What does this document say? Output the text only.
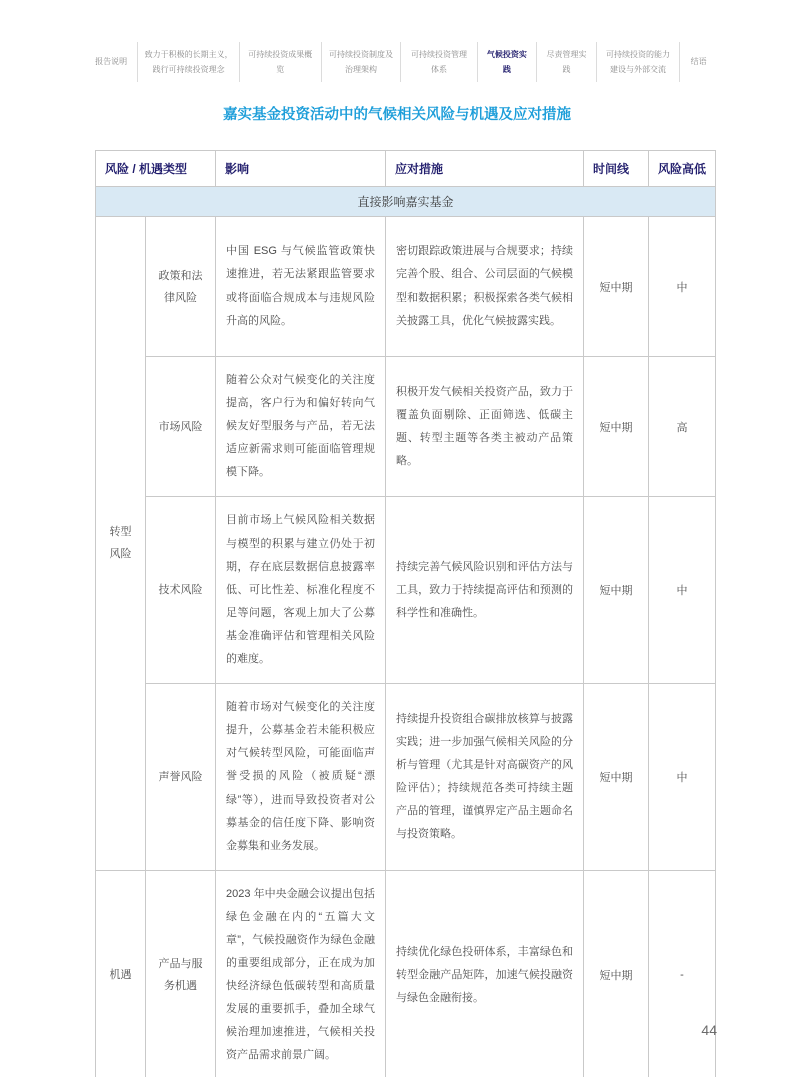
报告说明
致力于积极的长期主义，践行可持续投资理念
可持续投资成果概览
可持续投资制度及治理架构
可持续投资管理体系
气候投资实践
尽责管理实践
可持续投资的能力建设与外部交流
结语
嘉实基金投资活动中的气候相关风险与机遇及应对措施
风险 / 机遇类型		影响	应对措施	时间线	风险高低
直接影响嘉实基金					
转型风险	政策和法律风险	中国 ESG 与气候监管政策快速推进，若无法紧跟监管要求或将面临合规成本与违规风险升高的风险。	密切跟踪政策进展与合规要求；持续完善个股、组合、公司层面的气候模型和数据积累；积极探索各类气候相关披露工具，优化气候披露实践。	短中期	中
	市场风险	随着公众对气候变化的关注度提高，客户行为和偏好转向气候友好型服务与产品，若无法适应新需求则可能面临管理规模下降。	积极开发气候相关投资产品，致力于覆盖负面剔除、正面筛选、低碳主题、转型主题等各类主被动产品策略。	短中期	高
	技术风险	目前市场上气候风险相关数据与模型的积累与建立仍处于初期，存在底层数据信息披露率低、可比性差、标准化程度不足等问题，客观上加大了公募基金准确评估和管理相关风险的难度。	持续完善气候风险识别和评估方法与工具，致力于持续提高评估和预测的科学性和准确性。	短中期	中
	声誉风险	随着市场对气候变化的关注度提升，公募基金若未能积极应对气候转型风险，可能面临声誉受损的风险（被质疑“漂绿”等），进而导致投资者对公募基金的信任度下降、影响资金募集和业务发展。	持续提升投资组合碳排放核算与披露实践；进一步加强气候相关风险的分析与管理（尤其是针对高碳资产的风险评估）；持续规范各类可持续主题产品的管理，谨慎界定产品主题命名与投资策略。	短中期	中
机遇	产品与服务机遇	2023 年中央金融会议提出包括绿色金融在内的“五篇大文章”，气候投融资作为绿色金融的重要组成部分，正在成为加快经济绿色低碳转型和高质量发展的重要抓手，叠加全球气候治理加速推进，气候相关投资产品需求前景广阔。	持续优化绿色投研体系，丰富绿色和转型金融产品矩阵，加速气候投融资与绿色金融衔接。	短中期	-
44
